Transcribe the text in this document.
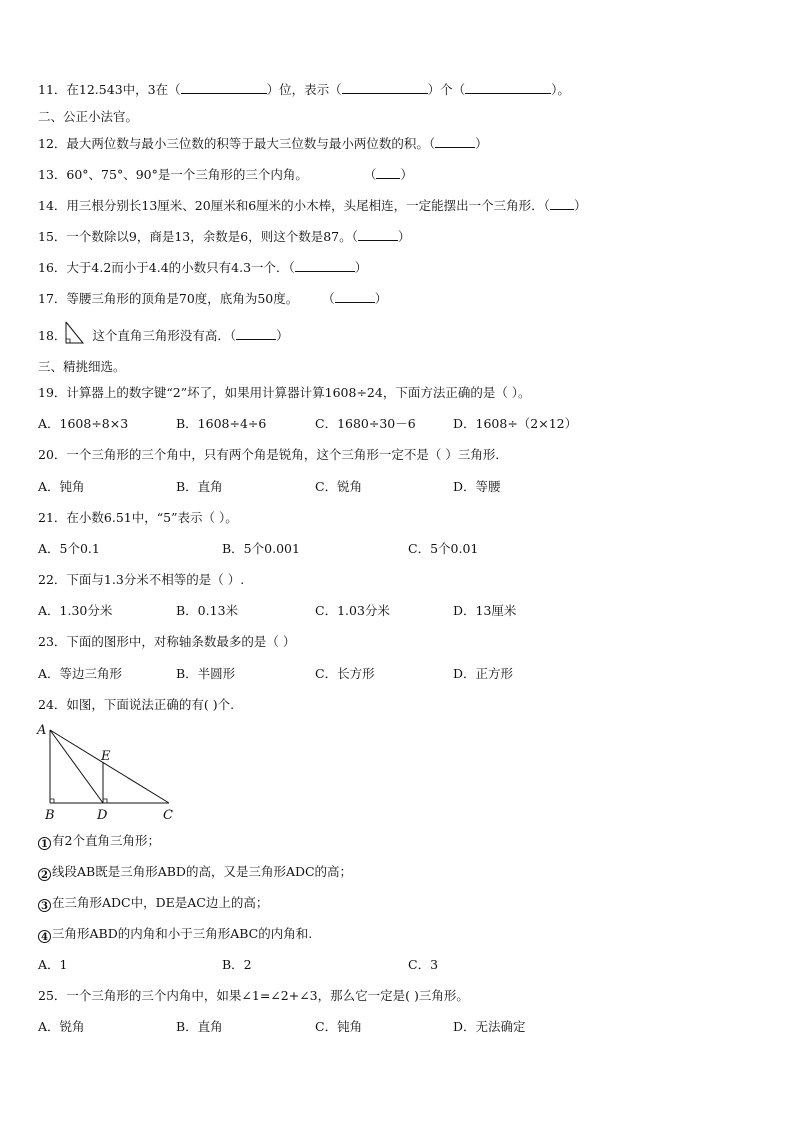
11．在12.543中，3在（	）位，表示（	）个（	）。
二、公正小法官。
12．最大两位数与最小三位数的积等于最大三位数与最小两位数的积。（	）
13．60°、75°、90°是一个三角形的三个内角。	（ ）
14．用三根分别长13厘米、20厘米和6厘米的小木棒，头尾相连，一定能摆出一个三角形．（ ）
15．一个数除以9，商是13，余数是6，则这个数是87。（	）
16．大于4.2而小于4.4的小数只有4.3一个．（	）
17．等腰三角形的顶角是70度，底角为50度。 （	）
18． 这个直角三角形没有高．（	）
三、精挑细选。
19．计算器上的数字键“2”坏了，如果用计算器计算1608÷24，下面方法正确的是（ ）。
A．1608÷8×3	B．1608÷4÷6	C．1680÷30－6	D．1608÷（2×12）
20．一个三角形的三个角中，只有两个角是锐角，这个三角形一定不是（ ）三角形．
A．钝角	B．直角	C．锐角	D．等腰
21．在小数6.51中，“5”表示（ ）。
A．5个0.1	B．5个0.001	C．5个0.01
22．下面与1.3分米不相等的是（ ）.
A．1.30分米	B．0.13米	C．1.03分米	D．13厘米
23．下面的图形中，对称轴条数最多的是（ ）
A．等边三角形	B．半圆形	C．长方形	D．正方形
24．如图，下面说法正确的有( )个.
A
E
B	D	C
1 有2个直角三角形；
2 线段AB既是三角形ABD的高，又是三角形ADC的高；
3 在三角形ADC中，DE是AC边上的高；
4 三角形ABD的内角和小于三角形ABC的内角和.
A．1	B．2	C．3
25．一个三角形的三个内角中，如果∠1=∠2+∠3，那么它一定是( )三角形。
A．锐角	B．直角	C．钝角	D．无法确定
